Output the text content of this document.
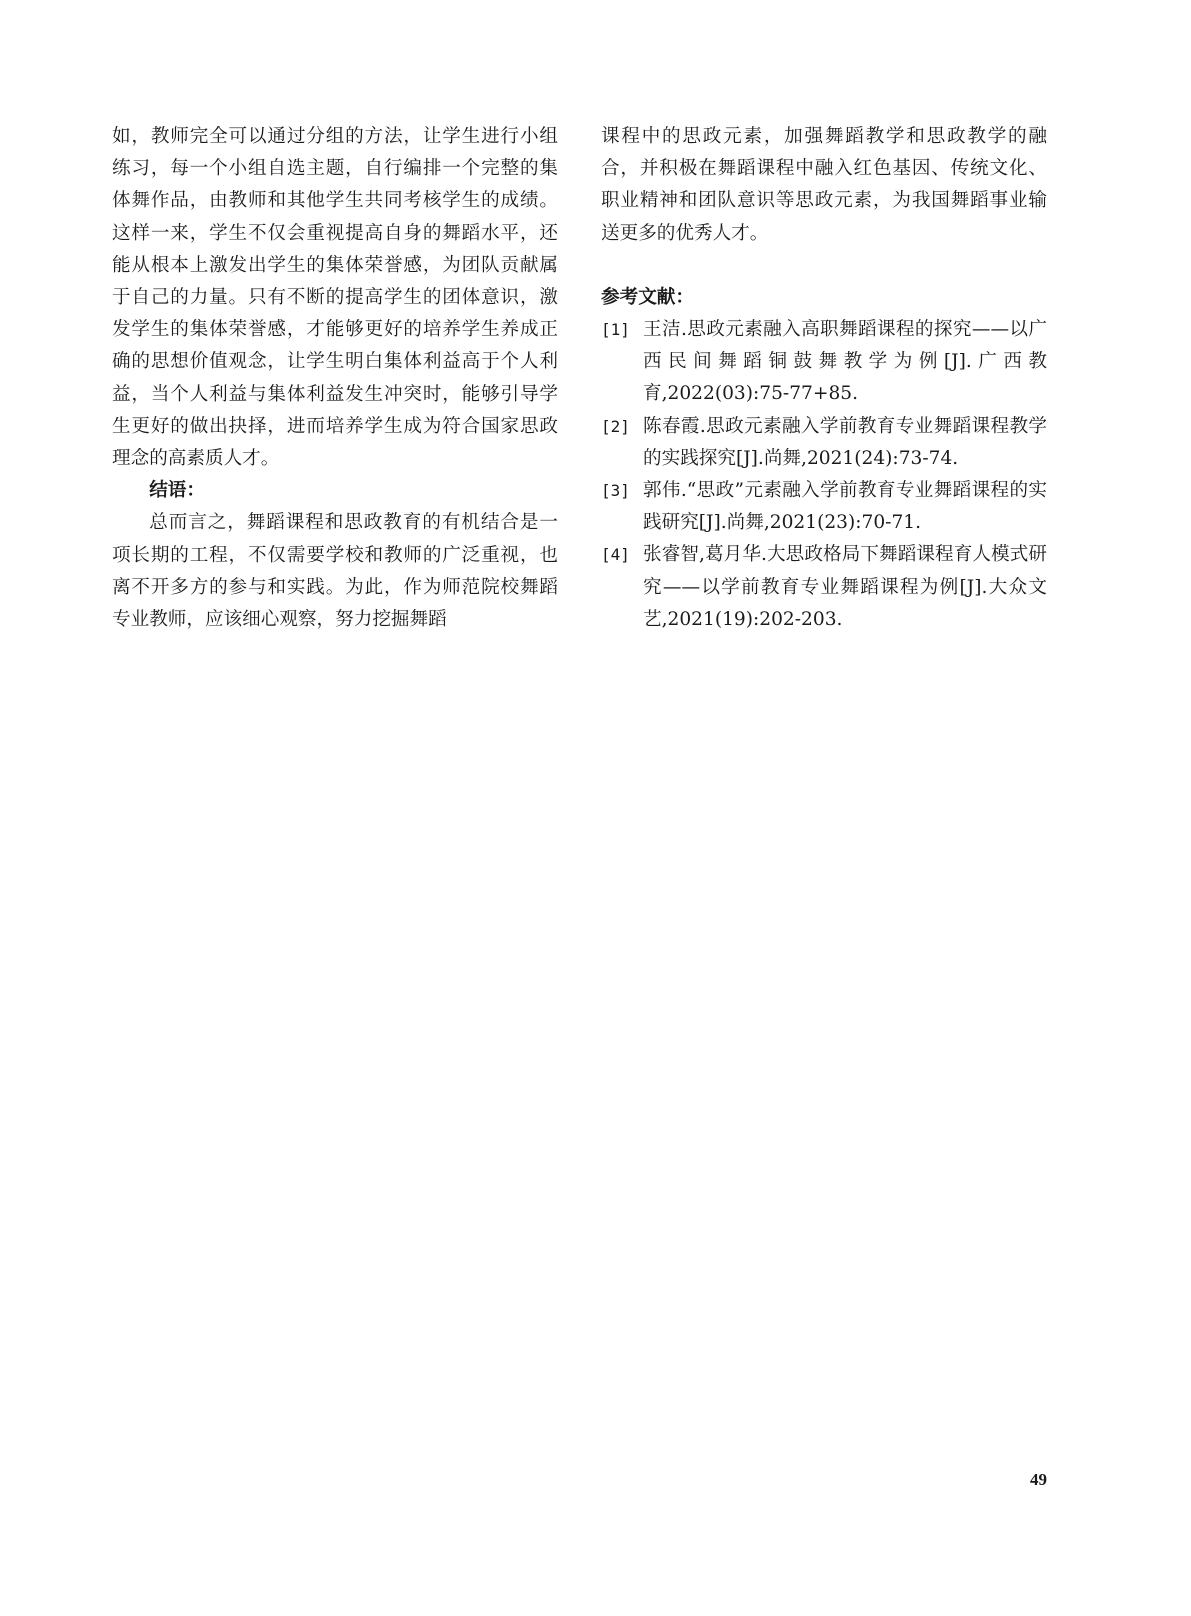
如，教师完全可以通过分组的方法，让学生进行小组练习，每一个小组自选主题，自行编排一个完整的集体舞作品，由教师和其他学生共同考核学生的成绩。这样一来，学生不仅会重视提高自身的舞蹈水平，还能从根本上激发出学生的集体荣誉感，为团队贡献属于自己的力量。只有不断的提高学生的团体意识，激发学生的集体荣誉感，才能够更好的培养学生养成正确的思想价值观念，让学生明白集体利益高于个人利益，当个人利益与集体利益发生冲突时，能够引导学生更好的做出抉择，进而培养学生成为符合国家思政理念的高素质人才。

结语：

总而言之，舞蹈课程和思政教育的有机结合是一项长期的工程，不仅需要学校和教师的广泛重视，也离不开多方的参与和实践。为此，作为师范院校舞蹈专业教师，应该细心观察，努力挖掘舞蹈

课程中的思政元素，加强舞蹈教学和思政教学的融合，并积极在舞蹈课程中融入红色基因、传统文化、职业精神和团队意识等思政元素，为我国舞蹈事业输送更多的优秀人才。

参考文献：

[1] 王洁.思政元素融入高职舞蹈课程的探究——以广西民间舞蹈铜鼓舞教学为例[J].广西教育,2022(03):75-77+85.
[2] 陈春霞.思政元素融入学前教育专业舞蹈课程教学的实践探究[J].尚舞,2021(24):73-74.
[3] 郭伟.“思政”元素融入学前教育专业舞蹈课程的实践研究[J].尚舞,2021(23):70-71.
[4] 张睿智,葛月华.大思政格局下舞蹈课程育人模式研究——以学前教育专业舞蹈课程为例[J].大众文艺,2021(19):202-203.
49
